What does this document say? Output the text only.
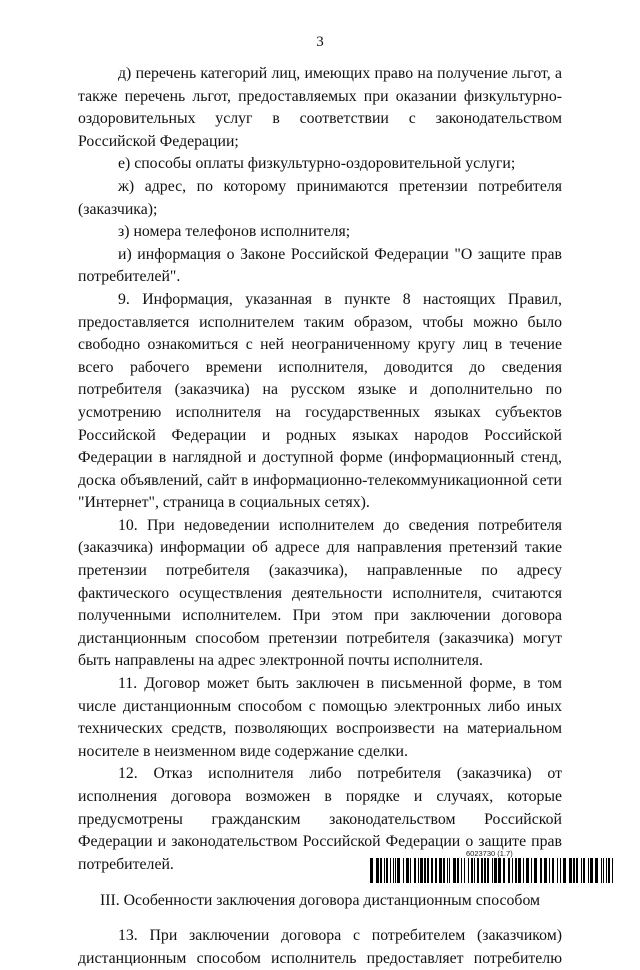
3

д) перечень категорий лиц, имеющих право на получение льгот, а также перечень льгот, предоставляемых при оказании физкультурно-оздоровительных услуг в соответствии с законодательством Российской Федерации;

е) способы оплаты физкультурно-оздоровительной услуги;

ж) адрес, по которому принимаются претензии потребителя (заказчика);

з) номера телефонов исполнителя;

и) информация о Законе Российской Федерации "О защите прав потребителей".

9. Информация, указанная в пункте 8 настоящих Правил, предоставляется исполнителем таким образом, чтобы можно было свободно ознакомиться с ней неограниченному кругу лиц в течение всего рабочего времени исполнителя, доводится до сведения потребителя (заказчика) на русском языке и дополнительно по усмотрению исполнителя на государственных языках субъектов Российской Федерации и родных языках народов Российской Федерации в наглядной и доступной форме (информационный стенд, доска объявлений, сайт в информационно-телекоммуникационной сети "Интернет", страница в социальных сетях).

10. При недоведении исполнителем до сведения потребителя (заказчика) информации об адресе для направления претензий такие претензии потребителя (заказчика), направленные по адресу фактического осуществления деятельности исполнителя, считаются полученными исполнителем. При этом при заключении договора дистанционным способом претензии потребителя (заказчика) могут быть направлены на адрес электронной почты исполнителя.

11. Договор может быть заключен в письменной форме, в том числе дистанционным способом с помощью электронных либо иных технических средств, позволяющих воспроизвести на материальном носителе в неизменном виде содержание сделки.

12. Отказ исполнителя либо потребителя (заказчика) от исполнения договора возможен в порядке и случаях, которые предусмотрены гражданским законодательством Российской Федерации и законодательством Российской Федерации о защите прав потребителей.

III. Особенности заключения договора дистанционным способом

13. При заключении договора с потребителем (заказчиком) дистанционным способом исполнитель предоставляет потребителю

6023730 (1.7)
